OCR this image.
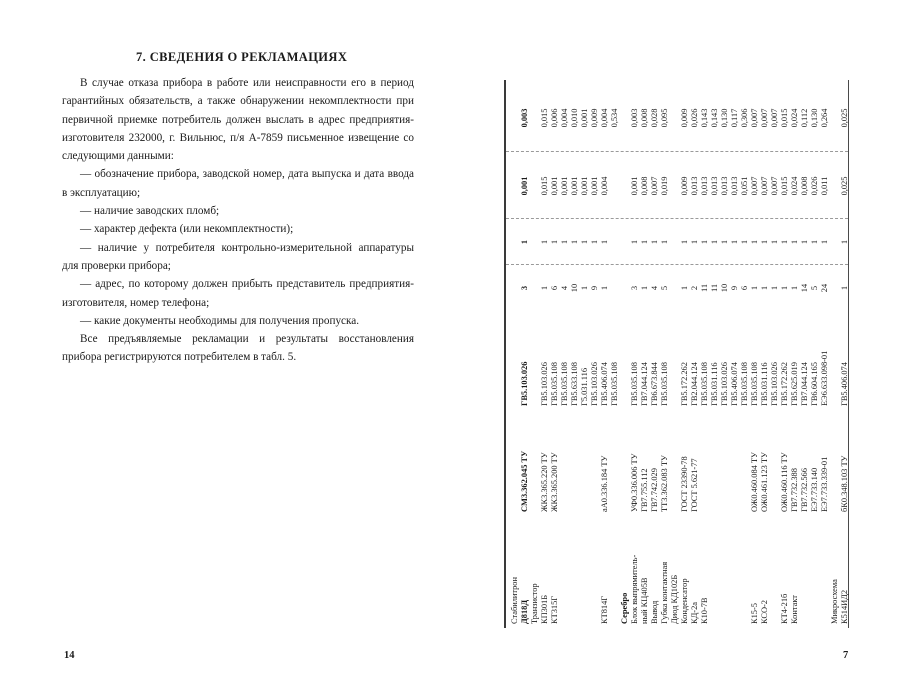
7. СВЕДЕНИЯ О РЕКЛАМАЦИЯХ

В случае отказа прибора в работе или неисправности его в период гарантийных обязательств, а также обнаружении некомплектности при первичной приемке потребитель должен выслать в адрес предприятия-изготовителя 232000, г. Вильнюс, п/я А-7859 письменное извещение со следующими данными:

— обозначение прибора, заводской номер, дата выпуска и дата ввода в эксплуатацию;

— наличие заводских пломб;

— характер дефекта (или некомплектности);

— наличие у потребителя контрольно-измерительной аппаратуры для проверки прибора;

— адрес, по которому должен прибыть представитель предприятия-изготовителя, номер телефона;

— какие документы необходимы для получения пропуска.

Все предъявляемые рекламации и результаты восстановления прибора регистрируются потребителем в табл. 5.

14
Стабилитрон Д818Д
СМ3.362.045 ТУ
ГВ5.103.026
3
1
0,001
0,003
Транзистор КП301Б
ЖК3.365.220 ТУ
ГВ5.103.026
1
1
0,015
0,015
КТ315Г
ЖК3.365.200 ТУ
ГВ5.035.108
6
1
0,001
0,006
ГВ5.035.108
4
1
0,001
0,004
ГВ5.633.108
10
1
0,001
0,010
Г5.031.116
1
1
0,001
0,001
ГВ5.103.026
9
1
0,001
0,009
КТ814Г
аА0.336.184 ТУ
ГВ5.406.074
1
1
0,004
0,004
ГВ5.035.108
0,534
Серебро Блок выпрямитель-
УФ0.336.006 ТУ
ГВ5.035.108
3
1
0,001
0,003
ный КЦ405В
ГВ7.755.112
ГВ7.044.124
1
1
0,008
0,008
Вывод
ГВ7.742.029
ГВ6.673.844
4
1
0,007
0,028
Губка контактная
ТТ3.362.083 ТУ
ГВ5.035.108
5
1
0,019
0,095
Диод КД102Б Конденсатор
ГОСТ 23390-78
ГВ5.172.262
1
1
0,009
0,009
КД-2а
ГОСТ 5.621-77
ГВ2.044.124
2
1
0,013
0,026
К10-7В
ГВ5.035.108
11
1
0,013
0,143
ГВ5.031.116
11
1
0,013
0,143
ГВ5.103.026
10
1
0,013
0,130
ГВ5.406.074
9
1
0,013
0,117
ГВ5.035.108
6
1
0,051
0,306
К15-5
ОЖ0.460.084 ТУ
ГВ5.035.108
1
1
0,007
0,007
КСО-2
ОЖ0.461.123 ТУ
ГВ5.031.116
1
1
0,007
0,007
ГВ5.103.026
1
1
0,007
0,007
КТ4-21б
ОЖ0.460.116 ТУ
ГВ5.172.262
1
1
0,015
0,015
Контакт
ГВ7.732.388
ГВ5.625.019
1
1
0,024
0,024
ГВ7.732.566
ГВ7.044.124
14
1
0,008
0,112
ЕЭ7.733.140
ГВ6.604.165
5
1
0,026
0,130
ЕЭ7.733.339-01
ЕЭ6.633.098-01
24
1
0,011
0,264
Микросхема К514ИД2
бК0.348.103 ТУ
ГВ5.406.074
1
1
0,025
0,025
7
